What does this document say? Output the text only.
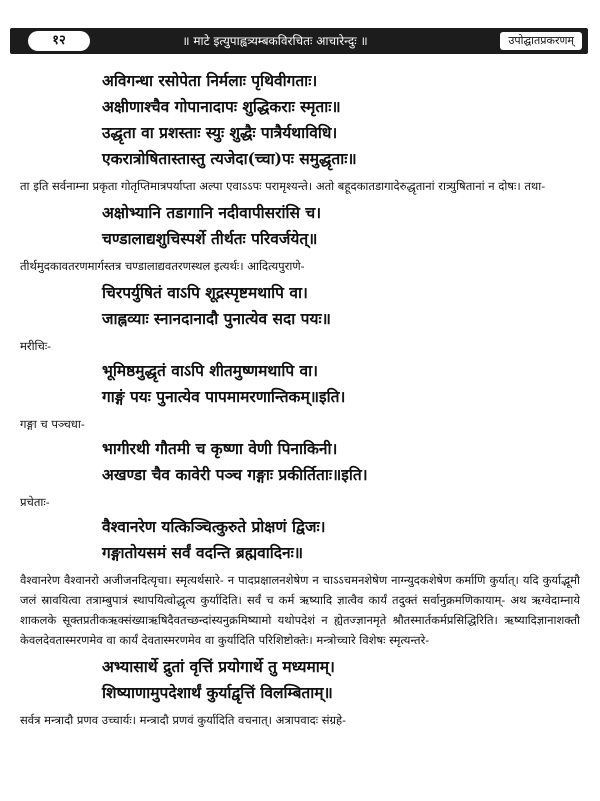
१२	॥ माटे इत्युपाह्वत्र्यम्बकविरचितः आचारेन्दुः ॥	उपोद्घातप्रकरणम्
अविगन्धा रसोपेता निर्मलाः पृथिवीगताः।
अक्षीणाश्चैव गोपानादापः शुद्धिकराः स्मृताः॥
उद्धृता वा प्रशस्ताः स्युः शुद्धैः पात्रैर्यथाविधि।
एकरात्रोषितास्तास्तु त्यजेदा(च्चा)पः समुद्धृताः॥
ता इति सर्वनाम्ना प्रकृता गोतृप्तिमात्रपर्याप्ता अल्पा एवाऽऽपः परामृश्यन्ते। अतो बहूदकातडागादेरुद्धृतानां रात्र्युषितानां न दोषः। तथा-
अक्षोभ्यानि तडागानि नदीवापीसरांसि च।
चण्डालाद्यशुचिस्पर्शे तीर्थतः परिवर्जयेत्॥
तीर्थमुदकावतरणमार्गस्तत्र चण्डालाद्यवतरणस्थल इत्यर्थः। आदित्यपुराणे-
चिरपर्युषितं वाऽपि शूद्रस्पृष्टमथापि वा।
जाह्नव्याः स्नानदानादौ पुनात्येव सदा पयः॥
मरीचिः-
भूमिष्ठमुद्धृतं वाऽपि शीतमुष्णमथापि वा।
गाङ्गं पयः पुनात्येव पापमामरणान्तिकम्॥इति।
गङ्गा च पञ्चधा-
भागीरथी गौतमी च कृष्णा वेणी पिनाकिनी।
अखण्डा चैव कावेरी पञ्च गङ्गाः प्रकीर्तिताः॥इति।
प्रचेताः-
वैश्वानरेण यत्किञ्चित्कुरुते प्रोक्षणं द्विजः।
गङ्गातोयसमं सर्वं वदन्ति ब्रह्मवादिनः॥
वैश्वानरेण वैश्वानरो अजीजनदित्यृचा। स्मृत्यर्थसारे- न पादप्रक्षालनशेषेण न चाऽऽचमनशेषेण नाग्न्युदकशेषेण कर्माणि कुर्यात्। यदि कुर्याद्भूमौ जलं स्रावयित्वा तत्राम्बुपात्रं स्थापयित्वोद्धृत्य कुर्यादिति। सर्वं च कर्म ऋष्यादि ज्ञात्वैव कार्यं तदुक्तं सर्वानुक्रमणिकायाम्- अथ ऋग्वेदाम्नाये शाकलके सूक्तप्रतीकऋक्संख्याऋषिदैवतच्छन्दांस्यनुक्रमिष्यामो यथोपदेशं न ह्येतज्ज्ञानमृते श्रौतस्मार्तकर्मप्रसिद्धिरिति। ऋष्यादिज्ञानाशक्तौ केवलदेवतास्मरणमेव वा कार्यं देवतास्मरणमेव वा कुर्यादिति परिशिष्टोक्तेः। मन्त्रोच्चारे विशेषः स्मृत्यन्तरे-
अभ्यासार्थे द्रुतां वृत्तिं प्रयोगार्थे तु मध्यमाम्।
शिष्याणामुपदेशार्थं कुर्याद्वृत्तिं विलम्बिताम्॥
सर्वत्र मन्त्रादौ प्रणव उच्चार्यः। मन्त्रादौ प्रणवं कुर्यादिति वचनात्। अत्रापवादः संग्रहे-
